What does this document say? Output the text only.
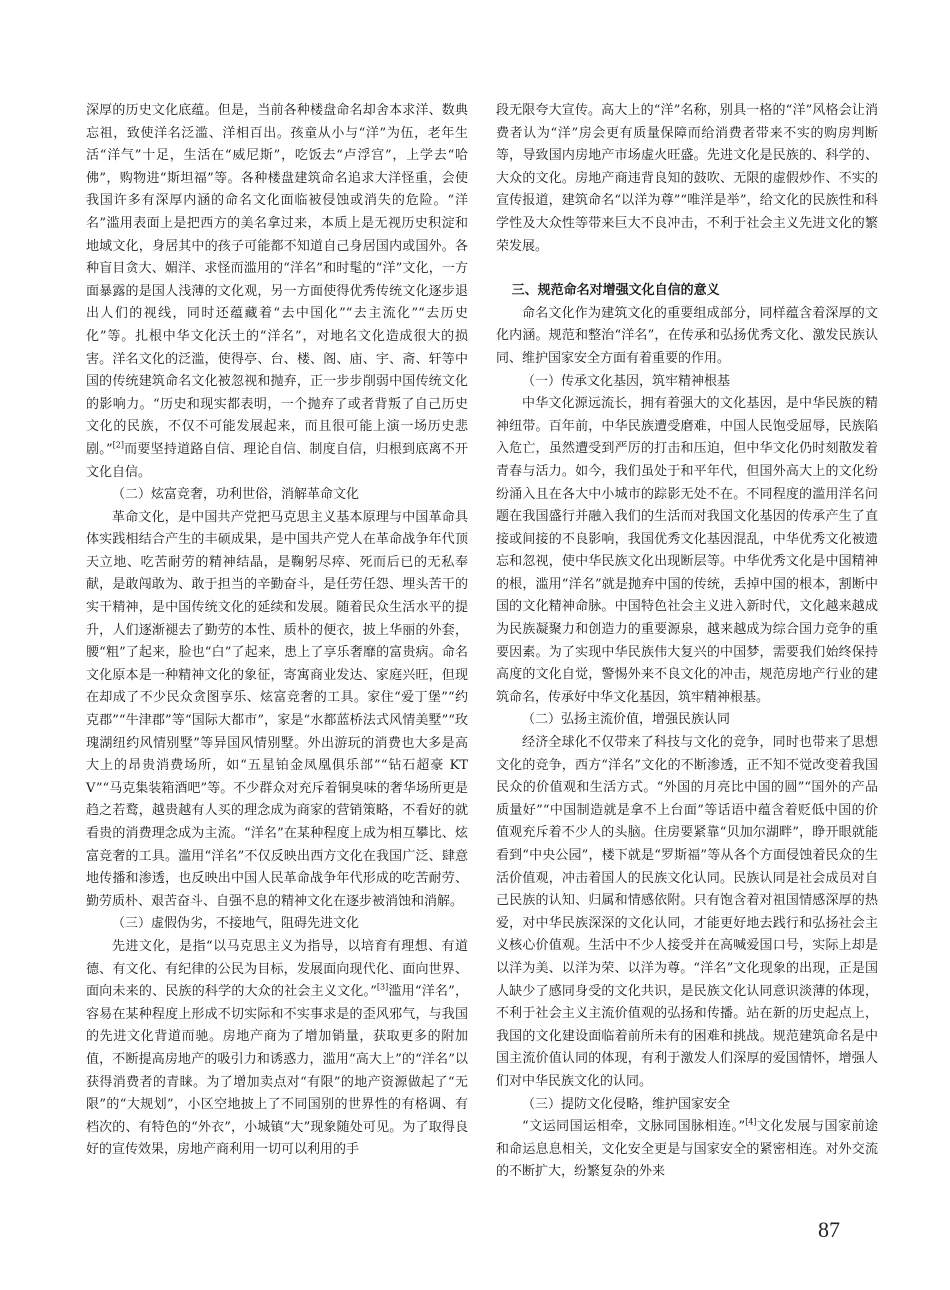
深厚的历史文化底蕴。但是，当前各种楼盘命名却舍本求洋、数典忘祖，致使洋名泛滥、洋相百出。孩童从小与“洋”为伍，老年生活“洋气”十足，生活在“威尼斯”，吃饭去“卢浮宫”，上学去“哈佛”，购物进“斯坦福”等。各种楼盘建筑命名追求大洋怪重，会使我国许多有深厚内涵的命名文化面临被侵蚀或消失的危险。“洋名”滥用表面上是把西方的美名拿过来，本质上是无视历史积淀和地域文化，身居其中的孩子可能都不知道自己身居国内或国外。各种盲目贪大、媚洋、求怪而滥用的“洋名”和时髦的“洋”文化，一方面暴露的是国人浅薄的文化观，另一方面使得优秀传统文化逐步退出人们的视线，同时还蕴藏着“去中国化”“去主流化”“去历史化”等。扎根中华文化沃土的“洋名”，对地名文化造成很大的损害。洋名文化的泛滥，使得亭、台、楼、阁、庙、宇、斋、轩等中国的传统建筑命名文化被忽视和抛弃，正一步步削弱中国传统文化的影响力。“历史和现实都表明，一个抛弃了或者背叛了自己历史文化的民族，不仅不可能发展起来，而且很可能上演一场历史悲剧。”[2]而要坚持道路自信、理论自信、制度自信，归根到底离不开文化自信。

（二）炫富竞奢，功利世俗，消解革命文化

革命文化，是中国共产党把马克思主义基本原理与中国革命具体实践相结合产生的丰硕成果，是中国共产党人在革命战争年代顶天立地、吃苦耐劳的精神结晶，是鞠躬尽瘁、死而后已的无私奉献，是敢闯敢为、敢于担当的辛勤奋斗，是任劳任怨、埋头苦干的实干精神，是中国传统文化的延续和发展。随着民众生活水平的提升，人们逐渐褪去了勤劳的本性、质朴的便衣，披上华丽的外套，腰“粗”了起来，脸也“白”了起来，患上了享乐奢靡的富贵病。命名文化原本是一种精神文化的象征，寄寓商业发达、家庭兴旺，但现在却成了不少民众贪图享乐、炫富竞奢的工具。家住“爱丁堡”“约克郡”“牛津郡”等“国际大都市”，家是“水都蓝桥法式风情美墅”“玫瑰湖纽约风情别墅”等异国风情别墅。外出游玩的消费也大多是高大上的昂贵消费场所，如“五星铂金凤凰俱乐部”“钻石超豪 KTV”“马克集装箱酒吧”等。不少群众对充斥着铜臭味的奢华场所更是趋之若鹜，越贵越有人买的理念成为商家的营销策略，不看好的就看贵的消费理念成为主流。“洋名”在某种程度上成为相互攀比、炫富竞奢的工具。滥用“洋名”不仅反映出西方文化在我国广泛、肆意地传播和渗透，也反映出中国人民革命战争年代形成的吃苦耐劳、勤劳质朴、艰苦奋斗、自强不息的精神文化在逐步被消蚀和消解。

（三）虚假伪劣，不接地气，阻碍先进文化

先进文化，是指“以马克思主义为指导，以培育有理想、有道德、有文化、有纪律的公民为目标，发展面向现代化、面向世界、面向未来的、民族的科学的大众的社会主义文化。”[3]滥用“洋名”，容易在某种程度上形成不切实际和不实事求是的歪风邪气，与我国的先进文化背道而驰。房地产商为了增加销量，获取更多的附加值，不断提高房地产的吸引力和诱惑力，滥用“高大上”的“洋名”以获得消费者的青睐。为了增加卖点对“有限”的地产资源做起了“无限”的“大规划”，小区空地披上了不同国别的世界性的有格调、有档次的、有特色的“外衣”，小城镇“大”现象随处可见。为了取得良好的宣传效果，房地产商利用一切可以利用的手

段无限夸大宣传。高大上的“洋”名称，别具一格的“洋”风格会让消费者认为“洋”房会更有质量保障而给消费者带来不实的购房判断等，导致国内房地产市场虚火旺盛。先进文化是民族的、科学的、大众的文化。房地产商违背良知的鼓吹、无限的虚假炒作、不实的宣传报道，建筑命名“以洋为尊”“唯洋是举”，给文化的民族性和科学性及大众性等带来巨大不良冲击，不利于社会主义先进文化的繁荣发展。

三、规范命名对增强文化自信的意义

命名文化作为建筑文化的重要组成部分，同样蕴含着深厚的文化内涵。规范和整治“洋名”，在传承和弘扬优秀文化、激发民族认同、维护国家安全方面有着重要的作用。

（一）传承文化基因，筑牢精神根基

中华文化源远流长，拥有着强大的文化基因，是中华民族的精神纽带。百年前，中华民族遭受磨难，中国人民饱受屈辱，民族陷入危亡，虽然遭受到严厉的打击和压迫，但中华文化仍时刻散发着青春与活力。如今，我们虽处于和平年代，但国外高大上的文化纷纷涌入且在各大中小城市的踪影无处不在。不同程度的滥用洋名问题在我国盛行并融入我们的生活而对我国文化基因的传承产生了直接或间接的不良影响，我国优秀文化基因混乱，中华优秀文化被遗忘和忽视，使中华民族文化出现断层等。中华优秀文化是中国精神的根，滥用“洋名”就是抛弃中国的传统，丢掉中国的根本，割断中国的文化精神命脉。中国特色社会主义进入新时代，文化越来越成为民族凝聚力和创造力的重要源泉，越来越成为综合国力竞争的重要因素。为了实现中华民族伟大复兴的中国梦，需要我们始终保持高度的文化自觉，警惕外来不良文化的冲击，规范房地产行业的建筑命名，传承好中华文化基因，筑牢精神根基。

（二）弘扬主流价值，增强民族认同

经济全球化不仅带来了科技与文化的竞争，同时也带来了思想文化的竞争，西方“洋名”文化的不断渗透，正不知不觉改变着我国民众的价值观和生活方式。“外国的月亮比中国的圆”“国外的产品质量好”“中国制造就是拿不上台面”等话语中蕴含着贬低中国的价值观充斥着不少人的头脑。住房要紧靠“贝加尔湖畔”，睁开眼就能看到“中央公园”，楼下就是“罗斯福”等从各个方面侵蚀着民众的生活价值观，冲击着国人的民族文化认同。民族认同是社会成员对自己民族的认知、归属和情感依附。只有饱含着对祖国情感深厚的热爱，对中华民族深深的文化认同，才能更好地去践行和弘扬社会主义核心价值观。生活中不少人接受并在高喊爱国口号，实际上却是以洋为美、以洋为荣、以洋为尊。“洋名”文化现象的出现，正是国人缺少了感同身受的文化共识，是民族文化认同意识淡薄的体现，不利于社会主义主流价值观的弘扬和传播。站在新的历史起点上，我国的文化建设面临着前所未有的困难和挑战。规范建筑命名是中国主流价值认同的体现，有利于激发人们深厚的爱国情怀，增强人们对中华民族文化的认同。

（三）提防文化侵略，维护国家安全

“文运同国运相牵，文脉同国脉相连。”[4]文化发展与国家前途和命运息息相关，文化安全更是与国家安全的紧密相连。对外交流的不断扩大，纷繁复杂的外来

87
